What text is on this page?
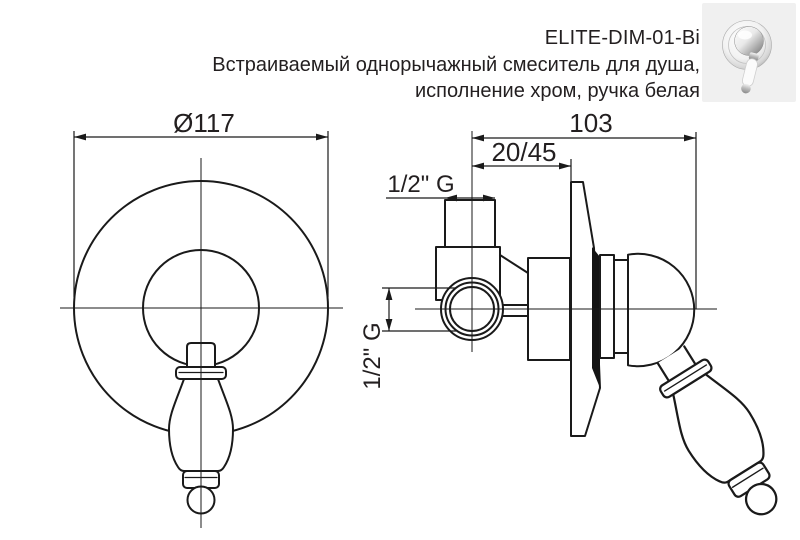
ELITE-DIM-01-Bi
Встраиваемый однорычажный смеситель для душа,
исполнение хром, ручка белая
Ø117	103
20/45
1/2" G
1/2" G
